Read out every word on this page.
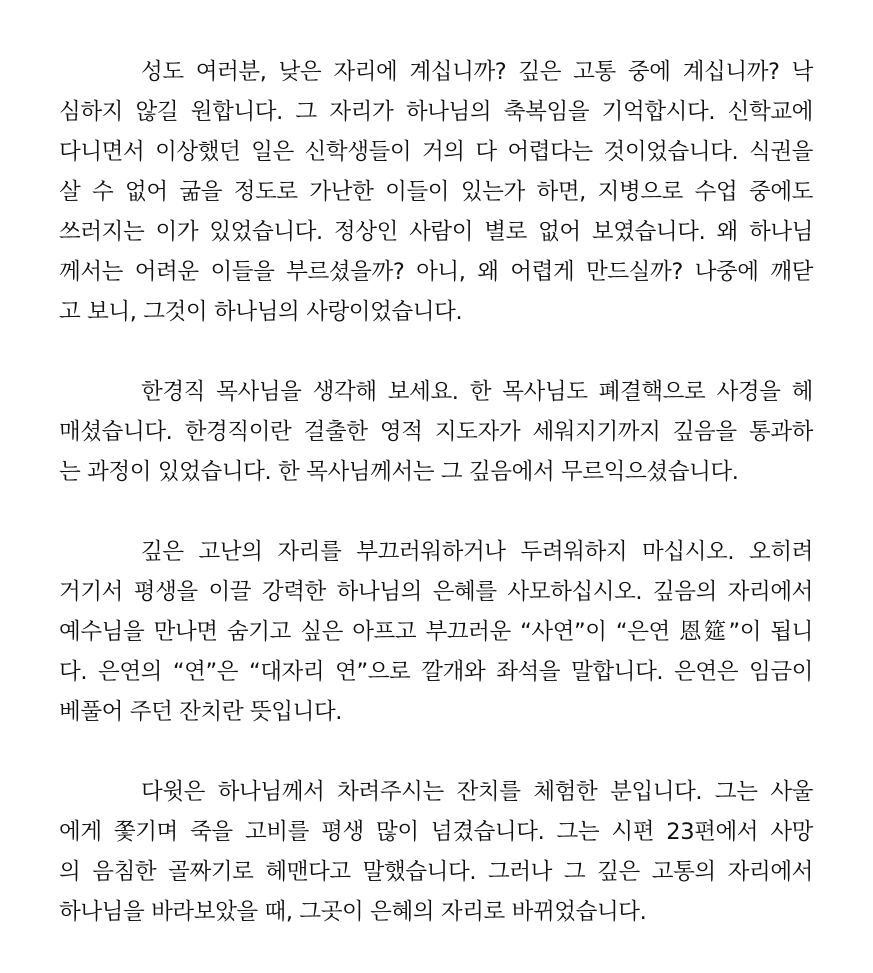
성도 여러분, 낮은 자리에 계십니까? 깊은 고통 중에 계십니까? 낙
심하지 않길 원합니다. 그 자리가 하나님의 축복임을 기억합시다. 신학교에
다니면서 이상했던 일은 신학생들이 거의 다 어렵다는 것이었습니다. 식권을
살 수 없어 굶을 정도로 가난한 이들이 있는가 하면, 지병으로 수업 중에도
쓰러지는 이가 있었습니다. 정상인 사람이 별로 없어 보였습니다. 왜 하나님
께서는 어려운 이들을 부르셨을까? 아니, 왜 어렵게 만드실까? 나중에 깨닫
고 보니, 그것이 하나님의 사랑이었습니다.
한경직 목사님을 생각해 보세요. 한 목사님도 폐결핵으로 사경을 헤
매셨습니다. 한경직이란 걸출한 영적 지도자가 세워지기까지 깊음을 통과하
는 과정이 있었습니다. 한 목사님께서는 그 깊음에서 무르익으셨습니다.
깊은 고난의 자리를 부끄러워하거나 두려워하지 마십시오. 오히려
거기서 평생을 이끌 강력한 하나님의 은혜를 사모하십시오. 깊음의 자리에서
예수님을 만나면 숨기고 싶은 아프고 부끄러운 “사연”이 “은연 恩筵”이 됩니
다. 은연의 “연”은 “대자리 연”으로 깔개와 좌석을 말합니다. 은연은 임금이
베풀어 주던 잔치란 뜻입니다.
다윗은 하나님께서 차려주시는 잔치를 체험한 분입니다. 그는 사울
에게 쫓기며 죽을 고비를 평생 많이 넘겼습니다. 그는 시편 23편에서 사망
의 음침한 골짜기로 헤맨다고 말했습니다. 그러나 그 깊은 고통의 자리에서
하나님을 바라보았을 때, 그곳이 은혜의 자리로 바뀌었습니다.
